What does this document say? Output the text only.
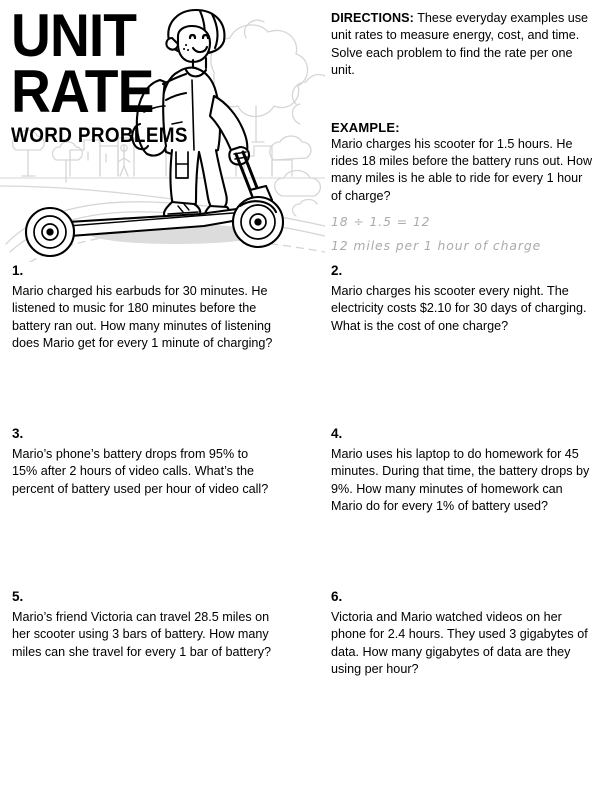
UNIT
RATE
WORD PROBLEMS
DIRECTIONS: These everyday examples use unit rates to measure energy, cost, and time. Solve each problem to find the rate per one unit.
EXAMPLE:
Mario charges his scooter for 1.5 hours. He rides 18 miles before the battery runs out. How many miles is he able to ride for every 1 hour of charge?
18 ÷ 1.5 = 12
12 miles per 1 hour of charge
1.
Mario charged his earbuds for 30 minutes. He listened to music for 180 minutes before the battery ran out. How many minutes of listening does Mario get for every 1 minute of charging?
2.
Mario charges his scooter every night. The electricity costs $2.10 for 30 days of charging. What is the cost of one charge?
3.
Mario’s phone’s battery drops from 95% to 15% after 2 hours of video calls. What’s the percent of battery used per hour of video call?
4.
Mario uses his laptop to do homework for 45 minutes. During that time, the battery drops by 9%. How many minutes of homework can Mario do for every 1% of battery used?
5.
Mario’s friend Victoria can travel 28.5 miles on her scooter using 3 bars of battery. How many miles can she travel for every 1 bar of battery?
6.
Victoria and Mario watched videos on her phone for 2.4 hours. They used 3 gigabytes of data. How many gigabytes of data are they using per hour?
